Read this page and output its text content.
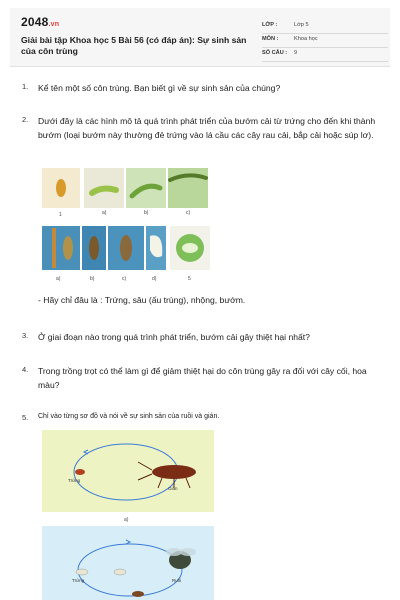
2048.vn
Giải bài tập Khoa học 5 Bài 56 (có đáp án): Sự sinh sản của côn trùng
LỚP :	Lớp 5
MÔN :	Khoa học
SỐ CÂU : 9
1. Kể tên một số côn trùng. Bạn biết gì về sự sinh sản của chúng?
2. Dưới đây là các hình mô tả quá trình phát triển của bướm cải từ trứng cho đến khi thành bướm (loại bướm này thường đẻ trứng vào lá cầu các cây rau cải, bắp cải hoặc súp lơ).
1	a)	b)	c)
a)	b)	c)	d)	5
- Hãy chỉ đâu là : Trứng, sâu (ấu trùng), nhộng, bướm.
3. Ở giai đoạn nào trong quá trình phát triển, bướm cải gây thiệt hại nhất?
4. Trong trồng trọt có thể làm gì để giảm thiệt hại do côn trùng gây ra đối với cây cối, hoa màu?
5. Chỉ vào từng sơ đồ và nói về sự sinh sản của ruồi và gián.
Trứng
Gián
a)
Trứng	Ruồi
